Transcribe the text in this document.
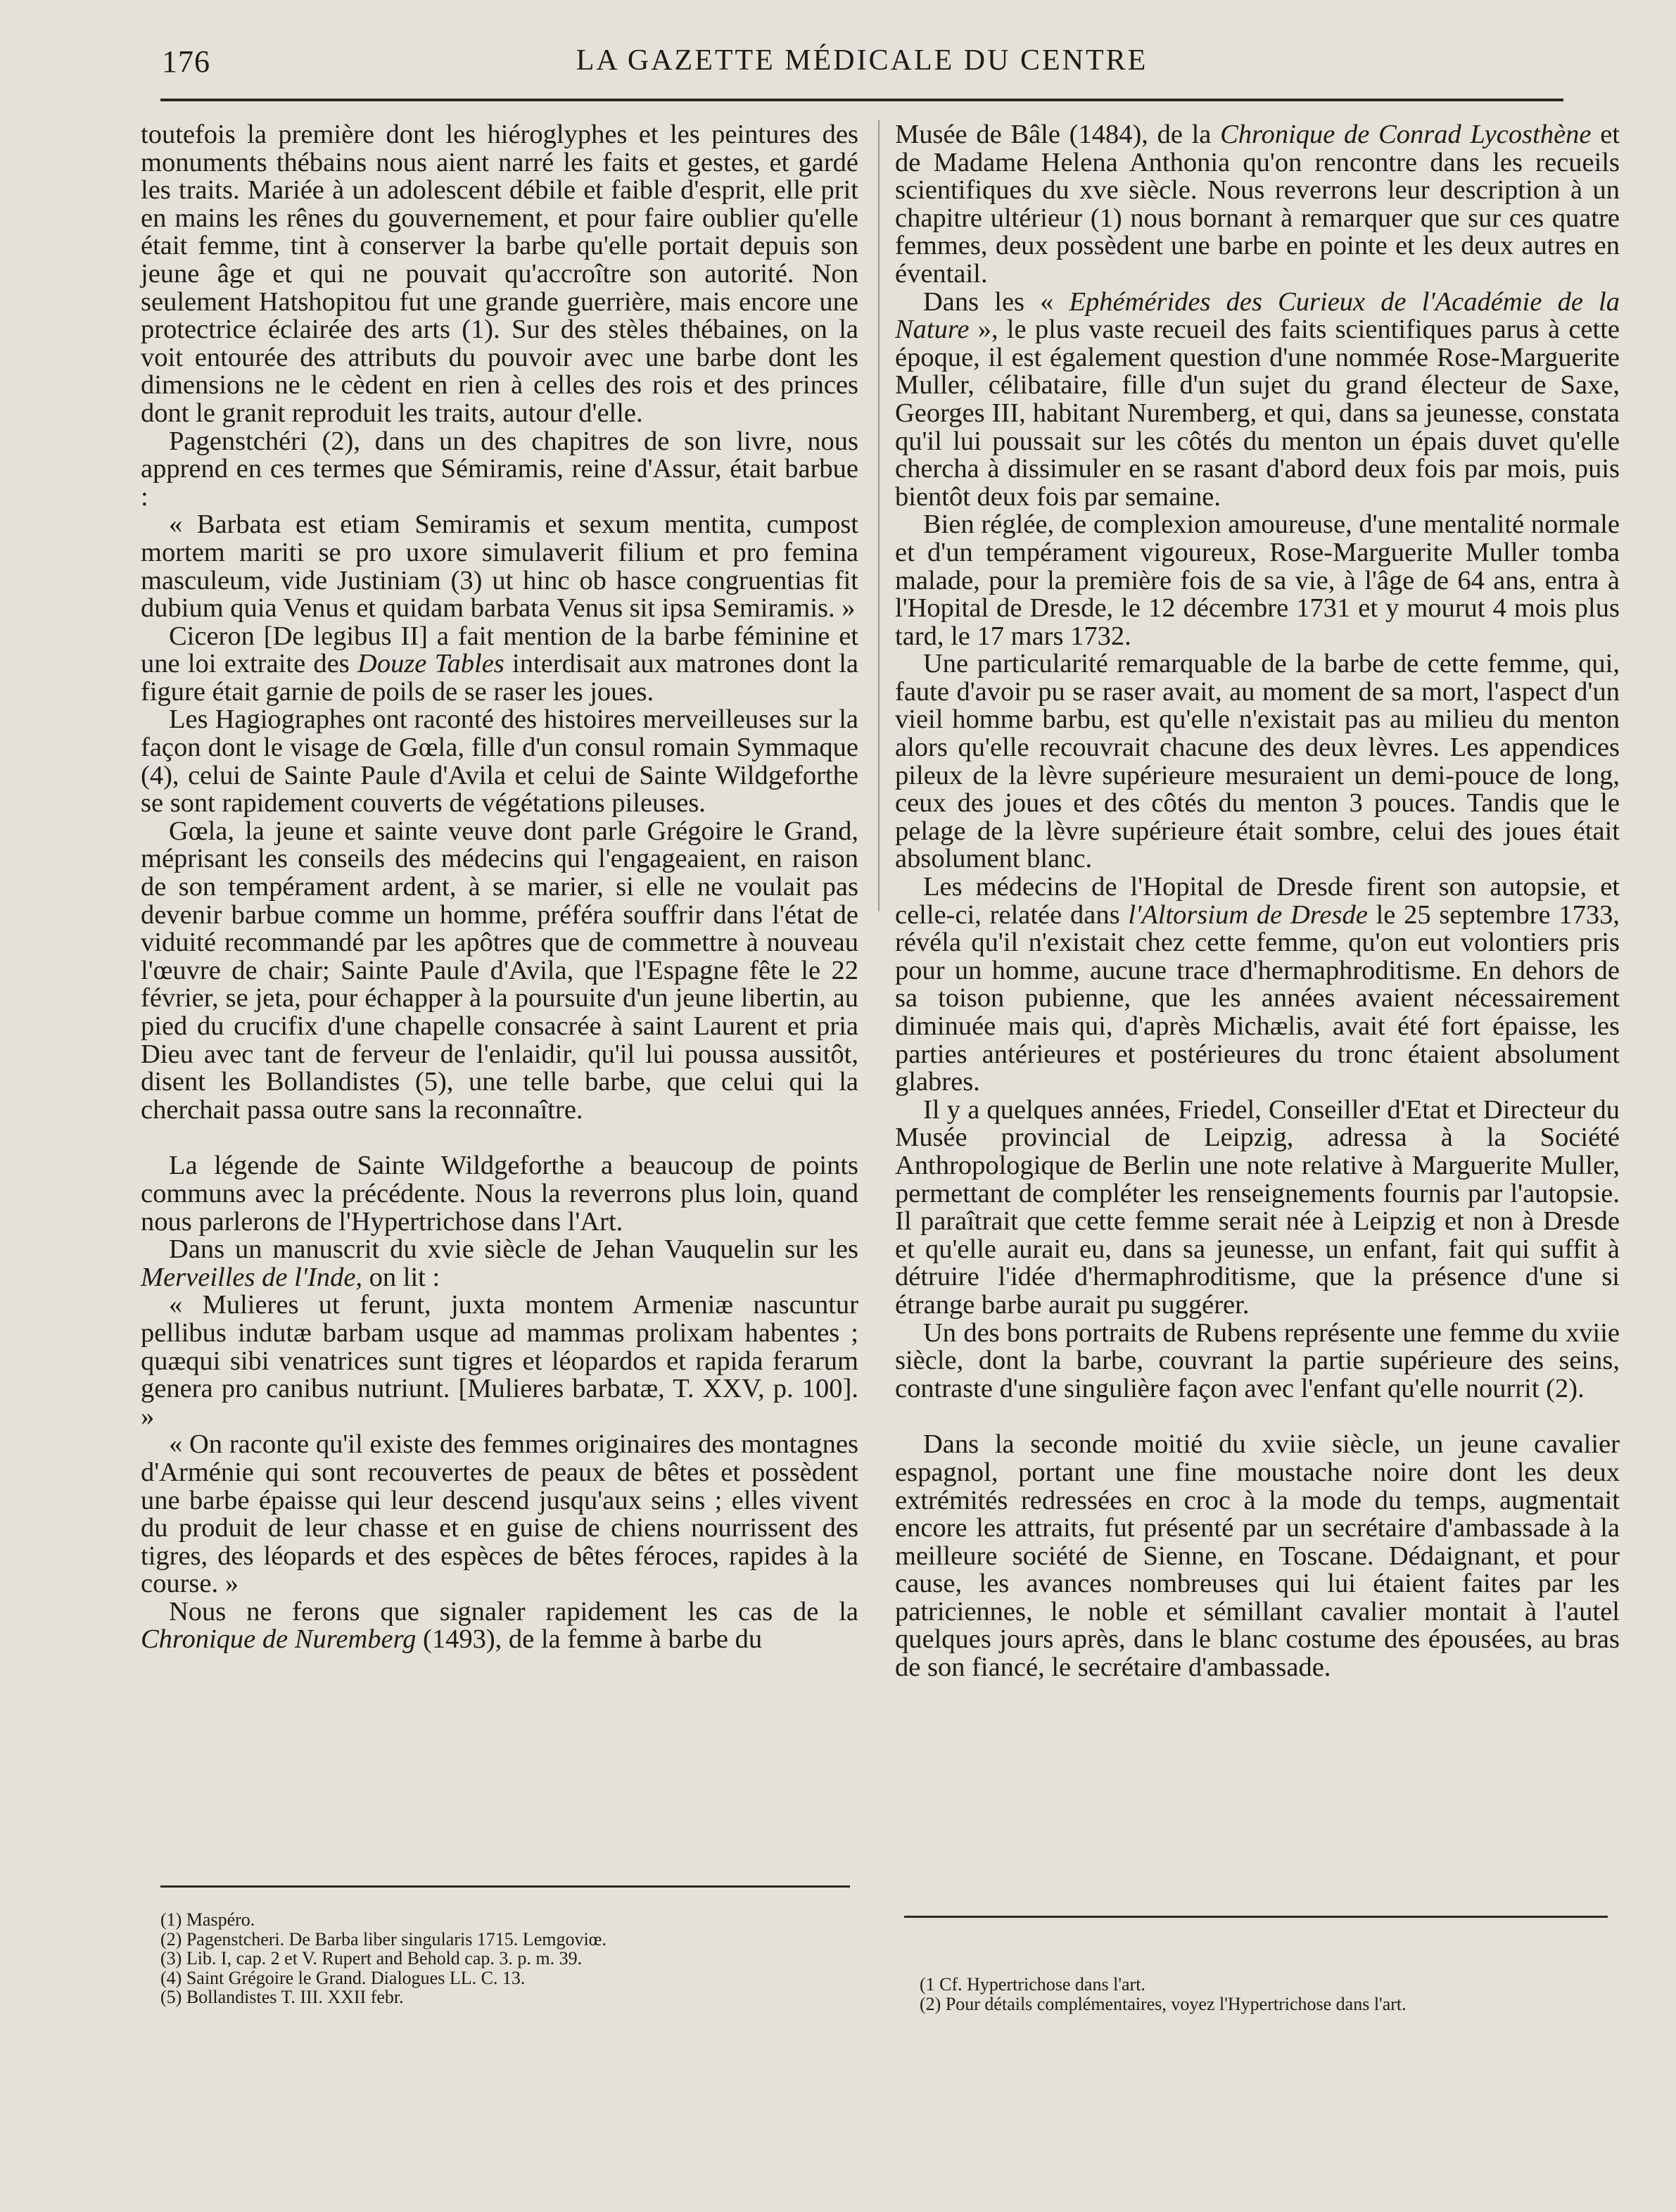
176	LA GAZETTE MÉDICALE DU CENTRE

toutefois la première dont les hiéroglyphes et les peintures des monuments thébains nous aient narré les faits et gestes, et gardé les traits. Mariée à un adolescent débile et faible d'esprit, elle prit en mains les rênes du gouvernement, et pour faire oublier qu'elle était femme, tint à conserver la barbe qu'elle portait depuis son jeune âge et qui ne pouvait qu'accroître son autorité. Non seulement Hatshopitou fut une grande guerrière, mais encore une protectrice éclairée des arts (1). Sur des stèles thébaines, on la voit entourée des attributs du pouvoir avec une barbe dont les dimensions ne le cèdent en rien à celles des rois et des princes dont le granit reproduit les traits, autour d'elle.

Pagenstchéri (2), dans un des chapitres de son livre, nous apprend en ces termes que Sémiramis, reine d'Assur, était barbue :

« Barbata est etiam Semiramis et sexum mentita, cumpost mortem mariti se pro uxore simulaverit filium et pro femina masculeum, vide Justiniam (3) ut hinc ob hasce congruentias fit dubium quia Venus et quidam barbata Venus sit ipsa Semiramis. »

Ciceron [De legibus II] a fait mention de la barbe féminine et une loi extraite des Douze Tables interdisait aux matrones dont la figure était garnie de poils de se raser les joues.

Les Hagiographes ont raconté des histoires merveilleuses sur la façon dont le visage de Gœla, fille d'un consul romain Symmaque (4), celui de Sainte Paule d'Avila et celui de Sainte Wildgeforthe se sont rapidement couverts de végétations pileuses.

Gœla, la jeune et sainte veuve dont parle Grégoire le Grand, méprisant les conseils des médecins qui l'engageaient, en raison de son tempérament ardent, à se marier, si elle ne voulait pas devenir barbue comme un homme, préféra souffrir dans l'état de viduité recommandé par les apôtres que de commettre à nouveau l'œuvre de chair; Sainte Paule d'Avila, que l'Espagne fête le 22 février, se jeta, pour échapper à la poursuite d'un jeune libertin, au pied du crucifix d'une chapelle consacrée à saint Laurent et pria Dieu avec tant de ferveur de l'enlaidir, qu'il lui poussa aussitôt, disent les Bollandistes (5), une telle barbe, que celui qui la cherchait passa outre sans la reconnaître.

La légende de Sainte Wildgeforthe a beaucoup de points communs avec la précédente. Nous la reverrons plus loin, quand nous parlerons de l'Hypertrichose dans l'Art.

Dans un manuscrit du xvie siècle de Jehan Vauquelin sur les Merveilles de l'Inde, on lit :

« Mulieres ut ferunt, juxta montem Armeniæ nascuntur pellibus indutæ barbam usque ad mammas prolixam habentes ; quæqui sibi venatrices sunt tigres et léopardos et rapida ferarum genera pro canibus nutriunt. [Mulieres barbatæ, T. XXV, p. 100]. »

« On raconte qu'il existe des femmes originaires des montagnes d'Arménie qui sont recouvertes de peaux de bêtes et possèdent une barbe épaisse qui leur descend jusqu'aux seins ; elles vivent du produit de leur chasse et en guise de chiens nourrissent des tigres, des léopards et des espèces de bêtes féroces, rapides à la course. »

Nous ne ferons que signaler rapidement les cas de la Chronique de Nuremberg (1493), de la femme à barbe du

Musée de Bâle (1484), de la Chronique de Conrad Lycosthène et de Madame Helena Anthonia qu'on rencontre dans les recueils scientifiques du xve siècle. Nous reverrons leur description à un chapitre ultérieur (1) nous bornant à remarquer que sur ces quatre femmes, deux possèdent une barbe en pointe et les deux autres en éventail.

Dans les « Ephémérides des Curieux de l'Académie de la Nature », le plus vaste recueil des faits scientifiques parus à cette époque, il est également question d'une nommée Rose-Marguerite Muller, célibataire, fille d'un sujet du grand électeur de Saxe, Georges III, habitant Nuremberg, et qui, dans sa jeunesse, constata qu'il lui poussait sur les côtés du menton un épais duvet qu'elle chercha à dissimuler en se rasant d'abord deux fois par mois, puis bientôt deux fois par semaine.

Bien réglée, de complexion amoureuse, d'une mentalité normale et d'un tempérament vigoureux, Rose-Marguerite Muller tomba malade, pour la première fois de sa vie, à l'âge de 64 ans, entra à l'Hopital de Dresde, le 12 décembre 1731 et y mourut 4 mois plus tard, le 17 mars 1732.

Une particularité remarquable de la barbe de cette femme, qui, faute d'avoir pu se raser avait, au moment de sa mort, l'aspect d'un vieil homme barbu, est qu'elle n'existait pas au milieu du menton alors qu'elle recouvrait chacune des deux lèvres. Les appendices pileux de la lèvre supérieure mesuraient un demi-pouce de long, ceux des joues et des côtés du menton 3 pouces. Tandis que le pelage de la lèvre supérieure était sombre, celui des joues était absolument blanc.

Les médecins de l'Hopital de Dresde firent son autopsie, et celle-ci, relatée dans l'Altorsium de Dresde le 25 septembre 1733, révéla qu'il n'existait chez cette femme, qu'on eut volontiers pris pour un homme, aucune trace d'hermaphroditisme. En dehors de sa toison pubienne, que les années avaient nécessairement diminuée mais qui, d'après Michælis, avait été fort épaisse, les parties antérieures et postérieures du tronc étaient absolument glabres.

Il y a quelques années, Friedel, Conseiller d'Etat et Directeur du Musée provincial de Leipzig, adressa à la Société Anthropologique de Berlin une note relative à Marguerite Muller, permettant de compléter les renseignements fournis par l'autopsie. Il paraîtrait que cette femme serait née à Leipzig et non à Dresde et qu'elle aurait eu, dans sa jeunesse, un enfant, fait qui suffit à détruire l'idée d'hermaphroditisme, que la présence d'une si étrange barbe aurait pu suggérer.

Un des bons portraits de Rubens représente une femme du xviie siècle, dont la barbe, couvrant la partie supérieure des seins, contraste d'une singulière façon avec l'enfant qu'elle nourrit (2).

Dans la seconde moitié du xviie siècle, un jeune cavalier espagnol, portant une fine moustache noire dont les deux extrémités redressées en croc à la mode du temps, augmentait encore les attraits, fut présenté par un secrétaire d'ambassade à la meilleure société de Sienne, en Toscane. Dédaignant, et pour cause, les avances nombreuses qui lui étaient faites par les patriciennes, le noble et sémillant cavalier montait à l'autel quelques jours après, dans le blanc costume des épousées, au bras de son fiancé, le secrétaire d'ambassade.

(1) Maspéro.
(2) Pagenstcheri. De Barba liber singularis 1715. Lemgoviœ.
(3) Lib. I, cap. 2 et V. Rupert and Behold cap. 3. p. m. 39.
(4) Saint Grégoire le Grand. Dialogues LL. C. 13.
(5) Bollandistes T. III. XXII febr.
(1 Cf. Hypertrichose dans l'art.
(2) Pour détails complémentaires, voyez l'Hypertrichose dans l'art.
